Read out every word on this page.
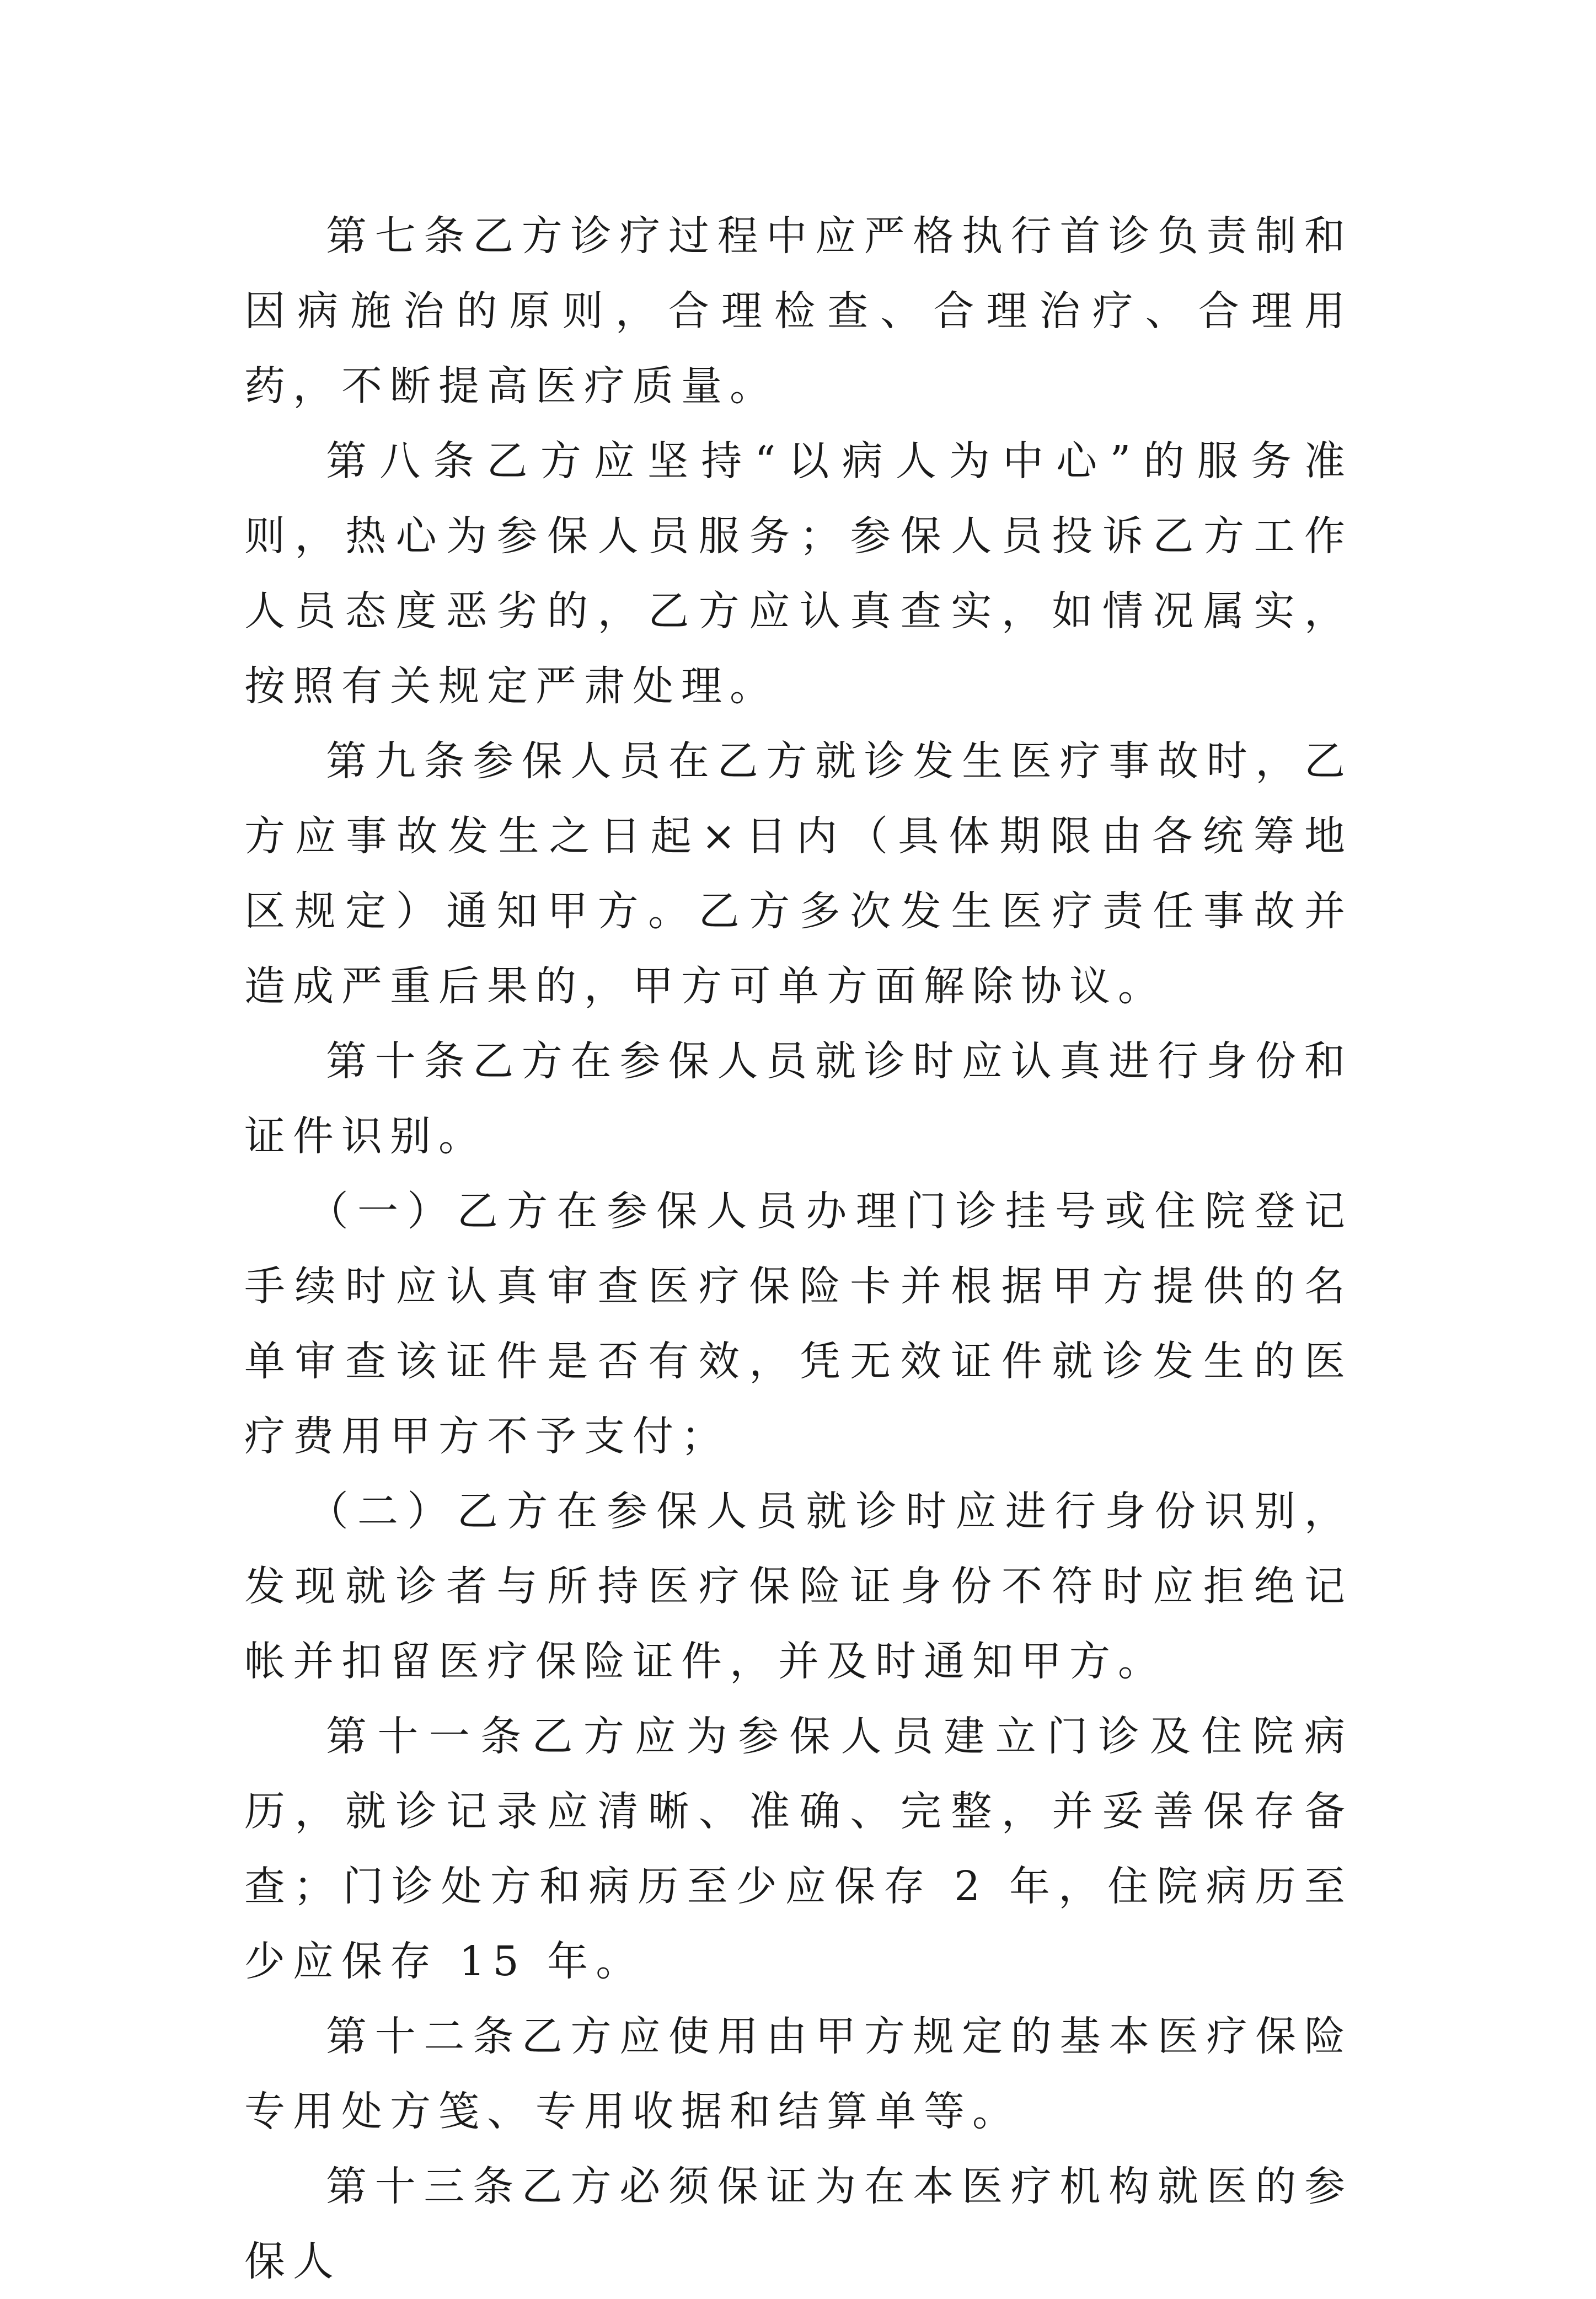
第七条乙方诊疗过程中应严格执行首诊负责制和因病施治的原则，合理检查、合理治疗、合理用药，不断提高医疗质量。

第八条乙方应坚持“以病人为中心”的服务准则，热心为参保人员服务；参保人员投诉乙方工作人员态度恶劣的，乙方应认真查实，如情况属实，按照有关规定严肃处理。

第九条参保人员在乙方就诊发生医疗事故时，乙方应事故发生之日起×日内（具体期限由各统筹地区规定）通知甲方。乙方多次发生医疗责任事故并造成严重后果的，甲方可单方面解除协议。

第十条乙方在参保人员就诊时应认真进行身份和证件识别。

（一）乙方在参保人员办理门诊挂号或住院登记手续时应认真审查医疗保险卡并根据甲方提供的名单审查该证件是否有效，凭无效证件就诊发生的医疗费用甲方不予支付；

（二）乙方在参保人员就诊时应进行身份识别，发现就诊者与所持医疗保险证身份不符时应拒绝记帐并扣留医疗保险证件，并及时通知甲方。

第十一条乙方应为参保人员建立门诊及住院病历，就诊记录应清晰、准确、完整，并妥善保存备查；门诊处方和病历至少应保存 2 年，住院病历至少应保存 15 年。

第十二条乙方应使用由甲方规定的基本医疗保险专用处方笺、专用收据和结算单等。

第十三条乙方必须保证为在本医疗机构就医的参保人
